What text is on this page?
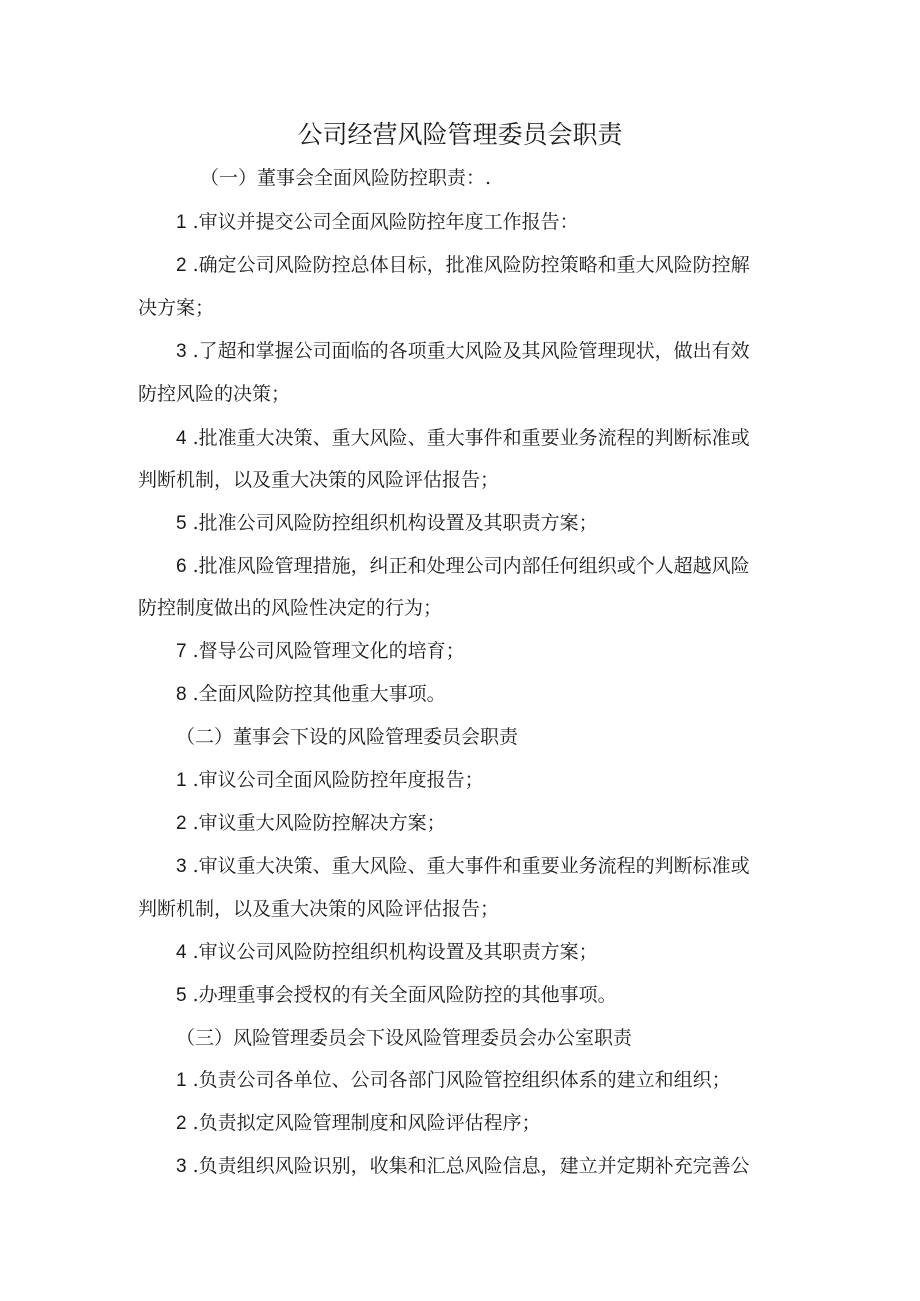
公司经营风险管理委员会职责

（一）董事会全面风险防控职责：.

1 .审议并提交公司全面风险防控年度工作报告：

2 .确定公司风险防控总体目标，批准风险防控策略和重大风险防控解

决方案；

3 .了超和掌握公司面临的各项重大风险及其风险管理现状，做出有效

防控风险的决策；

4 .批准重大决策、重大风险、重大事件和重要业务流程的判断标准或

判断机制，以及重大决策的风险评估报告；

5 .批准公司风险防控组织机构设置及其职责方案；

6 .批准风险管理措施，纠正和处理公司内部任何组织或个人超越风险

防控制度做出的风险性决定的行为；

7 .督导公司风险管理文化的培育；

8 .全面风险防控其他重大事项。

（二）董事会下设的风险管理委员会职责

1 .审议公司全面风险防控年度报告；

2 .审议重大风险防控解决方案；

3 .审议重大决策、重大风险、重大事件和重要业务流程的判断标准或

判断机制，以及重大决策的风险评估报告；

4 .审议公司风险防控组织机构设置及其职责方案；

5 .办理重事会授权的有关全面风险防控的其他事项。

（三）风险管理委员会下设风险管理委员会办公室职责

1 .负责公司各单位、公司各部门风险管控组织体系的建立和组织；

2 .负责拟定风险管理制度和风险评估程序；

3 .负责组织风险识别，收集和汇总风险信息，建立并定期补充完善公
